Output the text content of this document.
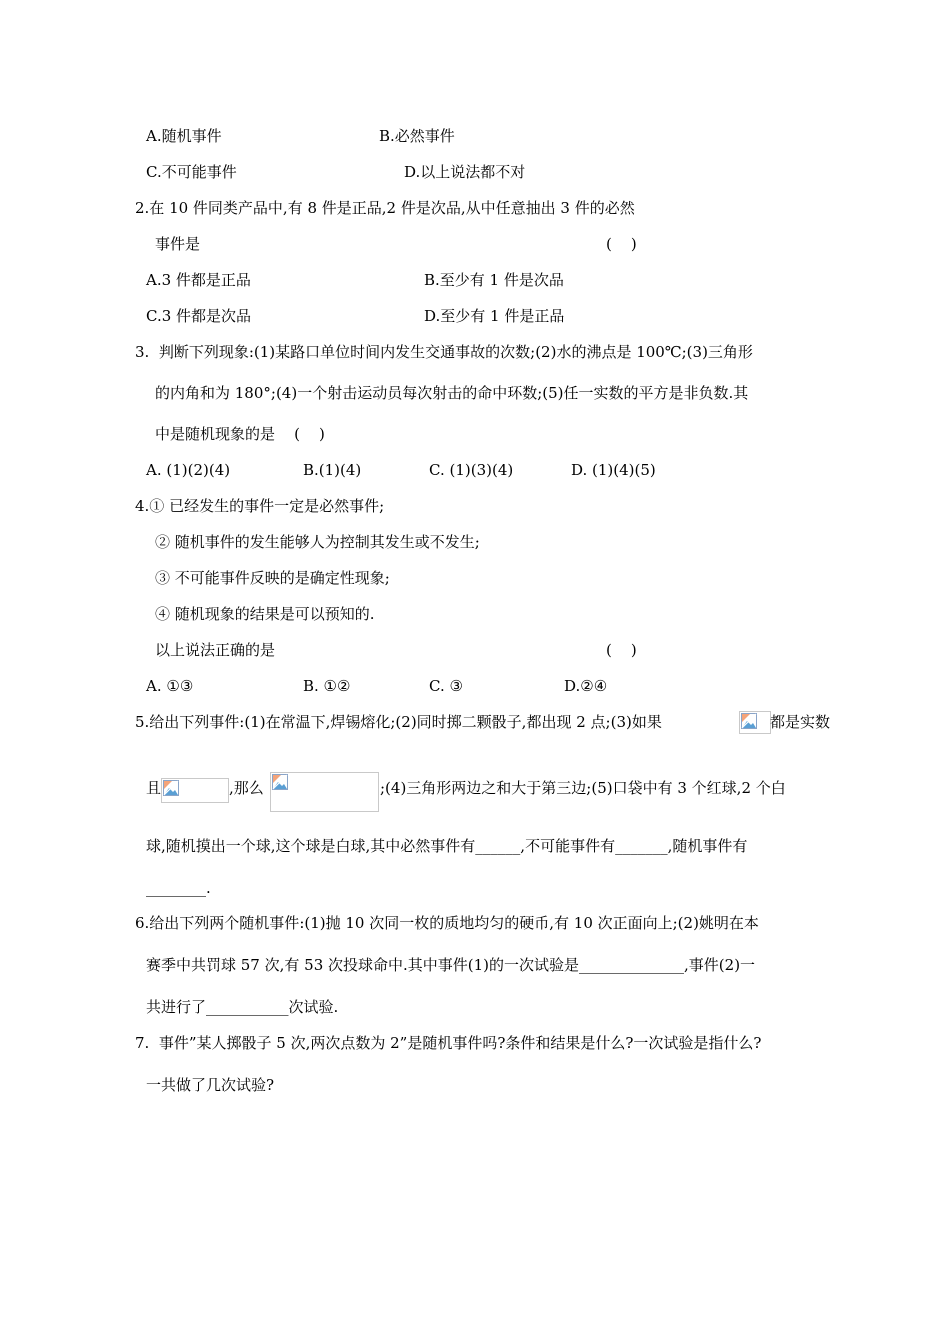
A.随机事件	B.必然事件
C.不可能事件	D.以上说法都不对
2.在 10 件同类产品中,有 8 件是正品,2 件是次品,从中任意抽出 3 件的必然
事件是	(    )
A.3 件都是正品	B.至少有 1 件是次品
C.3 件都是次品	D.至少有 1 件是正品
3.  判断下列现象:(1)某路口单位时间内发生交通事故的次数;(2)水的沸点是 100℃;(3)三角形
的内角和为 180°;(4)一个射击运动员每次射击的命中环数;(5)任一实数的平方是非负数.其
中是随机现象的是    (    )
A. (1)(2)(4)	B.(1)(4)	C. (1)(3)(4)	D. (1)(4)(5)
4.① 已经发生的事件一定是必然事件;
② 随机事件的发生能够人为控制其发生或不发生;
③ 不可能事件反映的是确定性现象;
④ 随机现象的结果是可以预知的.
以上说法正确的是	(    )
A. ①③	B. ①②	C. ③	D.②④
5.给出下列事件:(1)在常温下,焊锡熔化;(2)同时掷二颗骰子,都出现 2 点;(3)如果	都是实数
且	,那么	;(4)三角形两边之和大于第三边;(5)口袋中有 3 个红球,2 个白
球,随机摸出一个球,这个球是白球,其中必然事件有______,不可能事件有_______,随机事件有
________.
6.给出下列两个随机事件:(1)抛 10 次同一枚的质地均匀的硬币,有 10 次正面向上;(2)姚明在本
赛季中共罚球 57 次,有 53 次投球命中.其中事件(1)的一次试验是______________,事件(2)一
共进行了___________次试验.
7.  事件”某人掷骰子 5 次,两次点数为 2”是随机事件吗?条件和结果是什么?一次试验是指什么?
一共做了几次试验?
